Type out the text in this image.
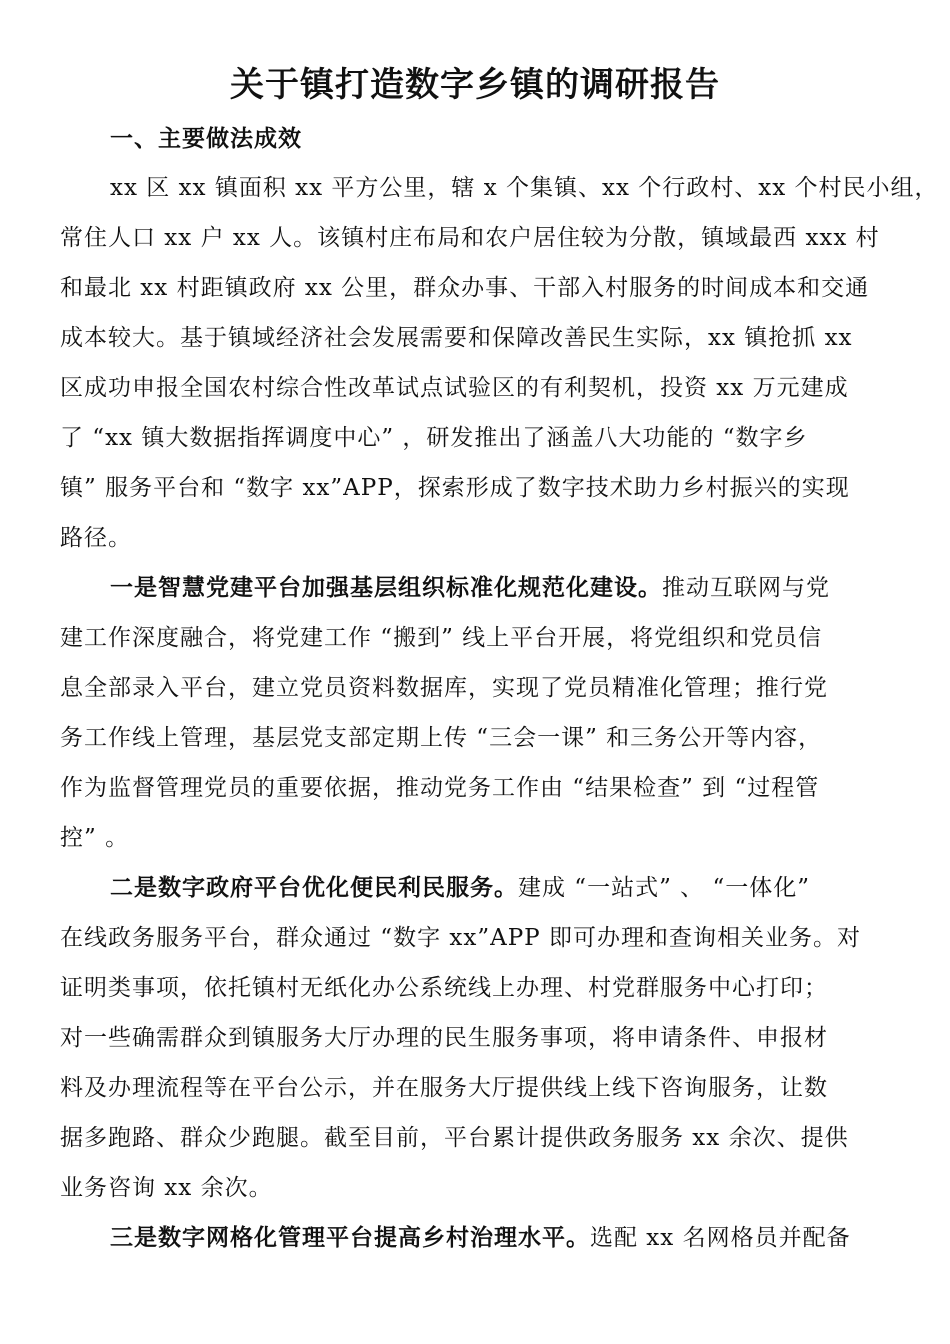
关于镇打造数字乡镇的调研报告
一、主要做法成效
xx 区 xx 镇面积 xx 平方公里，辖 x 个集镇、xx 个行政村、xx 个村民小组，
常住人口 xx 户 xx 人。该镇村庄布局和农户居住较为分散，镇域最西 xxx 村
和最北 xx 村距镇政府 xx 公里，群众办事、干部入村服务的时间成本和交通
成本较大。基于镇域经济社会发展需要和保障改善民生实际，xx 镇抢抓 xx
区成功申报全国农村综合性改革试点试验区的有利契机，投资 xx 万元建成
了 “xx 镇大数据指挥调度中心” ，研发推出了涵盖八大功能的 “数字乡
镇” 服务平台和 “数字 xx”APP，探索形成了数字技术助力乡村振兴的实现
路径。
一是智慧党建平台加强基层组织标准化规范化建设。推动互联网与党
建工作深度融合，将党建工作 “搬到” 线上平台开展，将党组织和党员信
息全部录入平台，建立党员资料数据库，实现了党员精准化管理；推行党
务工作线上管理，基层党支部定期上传 “三会一课” 和三务公开等内容，
作为监督管理党员的重要依据，推动党务工作由 “结果检查” 到 “过程管
控” 。
二是数字政府平台优化便民利民服务。建成 “一站式” 、 “一体化”
在线政务服务平台，群众通过 “数字 xx”APP 即可办理和查询相关业务。对
证明类事项，依托镇村无纸化办公系统线上办理、村党群服务中心打印；
对一些确需群众到镇服务大厅办理的民生服务事项，将申请条件、申报材
料及办理流程等在平台公示，并在服务大厅提供线上线下咨询服务，让数
据多跑路、群众少跑腿。截至目前，平台累计提供政务服务 xx 余次、提供
业务咨询 xx 余次。
三是数字网格化管理平台提高乡村治理水平。选配 xx 名网格员并配备
